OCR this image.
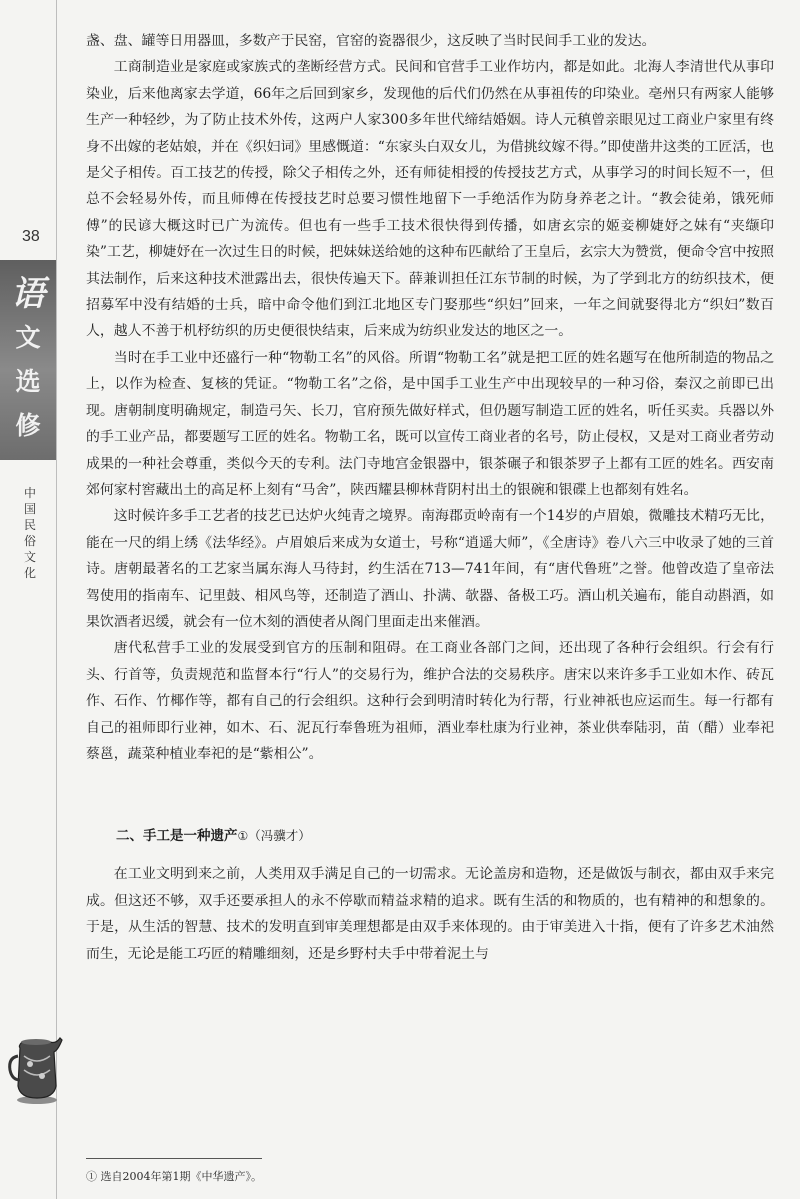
38
语
文
选
修
中
国
民
俗
文
化

盏、盘、罐等日用器皿，多数产于民窑，官窑的瓷器很少，这反映了当时民间手工业的发达。

工商制造业是家庭或家族式的垄断经营方式。民间和官营手工业作坊内，都是如此。北海人李清世代从事印染业，后来他离家去学道，66年之后回到家乡，发现他的后代们仍然在从事祖传的印染业。亳州只有两家人能够生产一种轻纱，为了防止技术外传，这两户人家300多年世代缔结婚姻。诗人元稹曾亲眼见过工商业户家里有终身不出嫁的老姑娘，并在《织妇词》里感慨道：“东家头白双女儿，为借挑纹嫁不得。”即使凿井这类的工匠活，也是父子相传。百工技艺的传授，除父子相传之外，还有师徒相授的传授技艺方式，从事学习的时间长短不一，但总不会轻易外传，而且师傅在传授技艺时总要习惯性地留下一手绝活作为防身养老之计。“教会徒弟，饿死师傅”的民谚大概这时已广为流传。但也有一些手工技术很快得到传播，如唐玄宗的姬妾柳婕妤之妹有“夹缬印染”工艺，柳婕妤在一次过生日的时候，把妹妹送给她的这种布匹献给了王皇后，玄宗大为赞赏，便命令宫中按照其法制作，后来这种技术泄露出去，很快传遍天下。薛兼训担任江东节制的时候，为了学到北方的纺织技术，便招募军中没有结婚的士兵，暗中命令他们到江北地区专门娶那些“织妇”回来，一年之间就娶得北方“织妇”数百人，越人不善于机杼纺织的历史便很快结束，后来成为纺织业发达的地区之一。

当时在手工业中还盛行一种“物勒工名”的风俗。所谓“物勒工名”就是把工匠的姓名题写在他所制造的物品之上，以作为检查、复核的凭证。“物勒工名”之俗，是中国手工业生产中出现较早的一种习俗，秦汉之前即已出现。唐朝制度明确规定，制造弓矢、长刀，官府预先做好样式，但仍题写制造工匠的姓名，听任买卖。兵器以外的手工业产品，都要题写工匠的姓名。物勒工名，既可以宣传工商业者的名号，防止侵权，又是对工商业者劳动成果的一种社会尊重，类似今天的专利。法门寺地宫金银器中，银茶碾子和银茶罗子上都有工匠的姓名。西安南郊何家村窖藏出土的高足杯上刻有“马舍”，陕西耀县柳林背阴村出土的银碗和银碟上也都刻有姓名。

这时候许多手工艺者的技艺已达炉火纯青之境界。南海郡贡岭南有一个14岁的卢眉娘，微雕技术精巧无比，能在一尺的绢上绣《法华经》。卢眉娘后来成为女道士，号称“逍遥大师”，《全唐诗》卷八六三中收录了她的三首诗。唐朝最著名的工艺家当属东海人马待封，约生活在713—741年间，有“唐代鲁班”之誉。他曾改造了皇帝法驾使用的指南车、记里鼓、相风鸟等，还制造了酒山、扑满、欹器、备极工巧。酒山机关遍布，能自动斟酒，如果饮酒者迟缓，就会有一位木刻的酒使者从阁门里面走出来催酒。

唐代私营手工业的发展受到官方的压制和阻碍。在工商业各部门之间，还出现了各种行会组织。行会有行头、行首等，负责规范和监督本行“行人”的交易行为，维护合法的交易秩序。唐宋以来许多手工业如木作、砖瓦作、石作、竹椰作等，都有自己的行会组织。这种行会到明清时转化为行帮，行业神祇也应运而生。每一行都有自己的祖师即行业神，如木、石、泥瓦行奉鲁班为祖师，酒业奉杜康为行业神，茶业供奉陆羽，苗（醋）业奉祀蔡邕，蔬菜种植业奉祀的是“紫相公”。

二、手工是一种遗产①（冯骥才）

在工业文明到来之前，人类用双手满足自己的一切需求。无论盖房和造物，还是做饭与制衣，都由双手来完成。但这还不够，双手还要承担人的永不停歇而精益求精的追求。既有生活的和物质的，也有精神的和想象的。于是，从生活的智慧、技术的发明直到审美理想都是由双手来体现的。由于审美进入十指，便有了许多艺术油然而生，无论是能工巧匠的精雕细刻，还是乡野村夫手中带着泥土与

① 选自2004年第1期《中华遗产》。
